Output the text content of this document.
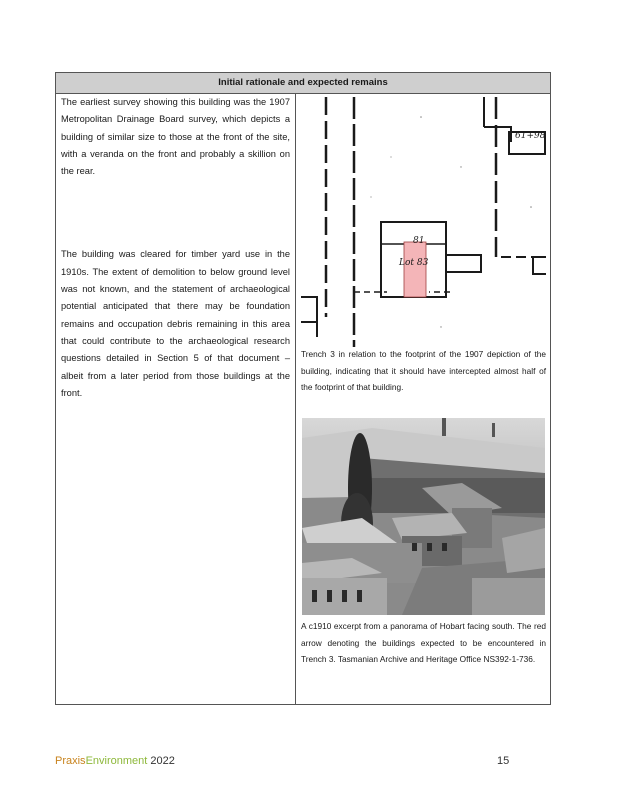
Initial rationale and expected remains

The earliest survey showing this building was the 1907 Metropolitan Drainage Board survey, which depicts a building of similar size to those at the front of the site, with a veranda on the front and probably a skillion on the rear.

The building was cleared for timber yard use in the 1910s. The extent of demolition to below ground level was not known, and the statement of archaeological potential anticipated that there may be foundation remains and occupation debris remaining in this area that could contribute to the archaeological research questions detailed in Section 5 of that document – albeit from a later period from those buildings at the front.

61+98
81
Lot 83

Trench 3 in relation to the footprint of the 1907 depiction of the building, indicating that it should have intercepted almost half of the footprint of that building.

A c1910 excerpt from a panorama of Hobart facing south. The red arrow denoting the buildings expected to be encountered in Trench 3. Tasmanian Archive and Heritage Office NS392-1-736.

PraxisEnvironment 2022	15
